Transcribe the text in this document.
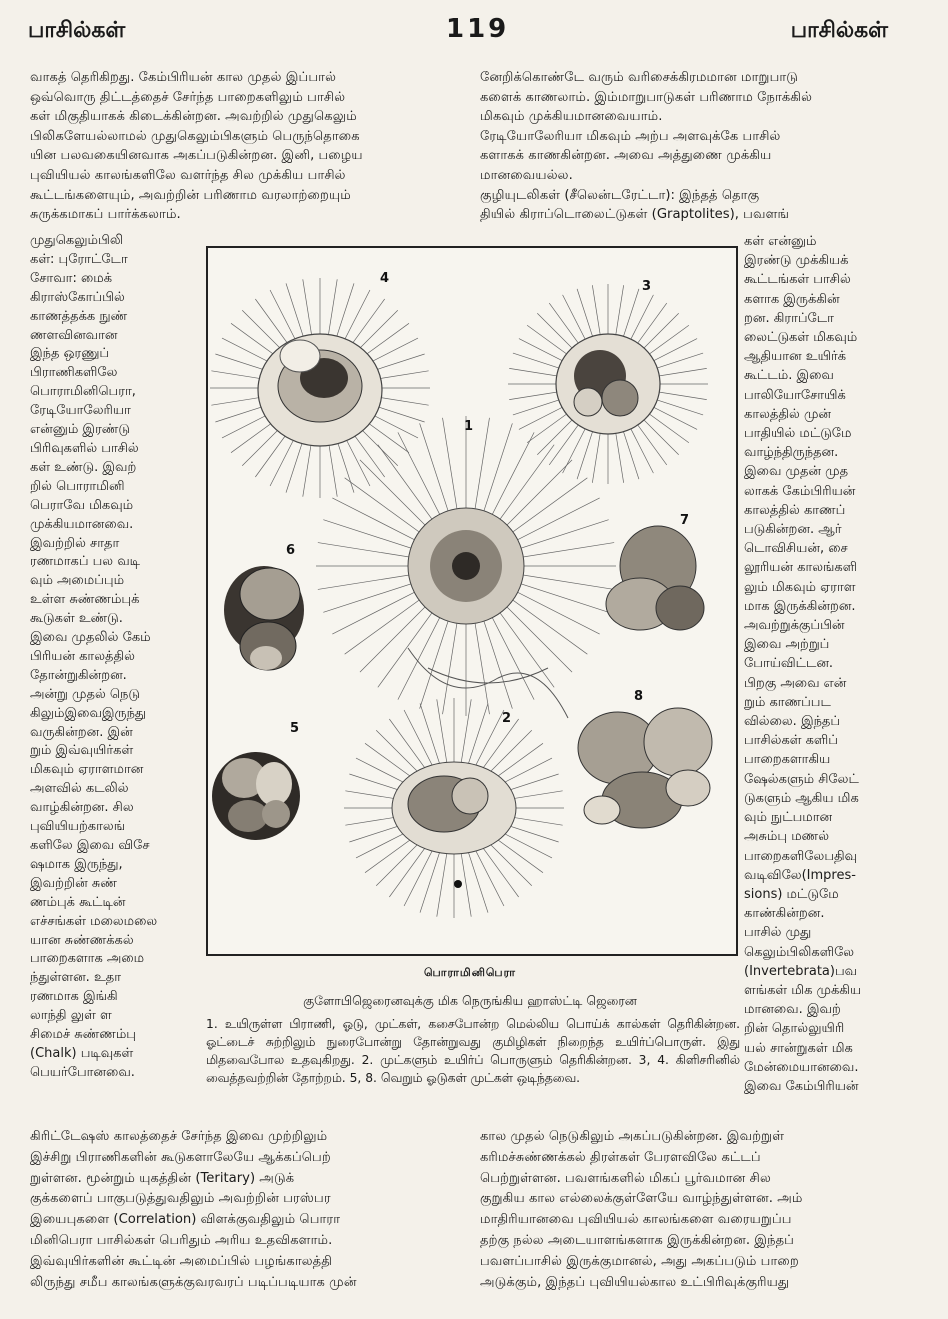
பாசில்கள்	119	பாசில்கள்
வாகத் தெரிகிறது. கேம்பிரியன் கால முதல் இப்பால்
ஒவ்வொரு திட்டத்தைச் சேர்ந்த பாறைகளிலும் பாசில்
கள் மிகுதியாகக் கிடைக்கின்றன. அவற்றில் முதுகெலும்
பிலிகளேயல்லாமல் முதுகெலும்பிகளும் பெருந்தொகை
யின பலவகையினவாக அகப்படுகின்றன. இனி, பழைய
புவியியல் காலங்களிலே வளர்ந்த சில முக்கிய பாசில்
கூட்டங்களையும், அவற்றின் பரிணாம வரலாற்றையும்
சுருக்கமாகப் பார்க்கலாம்.
னேறிக்கொண்டே வரும் வரிசைக்கிரமமான மாறுபாடு
களைக் காணலாம். இம்மாறுபாடுகள் பரிணாம நோக்கில்
மிகவும் முக்கியமானவையாம்.
ரேடியோலேரியா மிகவும் அற்ப அளவுக்கே பாசில்
களாகக் காணகின்றன. அவை அத்துணை முக்கிய
மானவையல்ல.
குழியுடலிகள் (சீலென்டரேட்டா): இந்தத் தொகு
தியில் கிராப்டொலைட்டுகள் (Graptolites), பவளங்
முதுகெலும்பிலி
கள்: புரோட்டோ
சோவா: மைக்
கிராஸ்கோப்பில்
காணத்தக்க நுண்
ணளவினவான
இந்த ஒரணுப்
பிராணிகளிலே
பொராமினிபெரா,
ரேடியோலேரியா
என்னும் இரண்டு
பிரிவுகளில் பாசில்
கள் உண்டு. இவற்
றில் பொராமினி
பெராவே மிகவும்
முக்கியமானவை.
இவற்றில் சாதா
ரணமாகப் பல வடி
வும் அமைப்பும்
உள்ள சுண்ணம்புக்
கூடுகள் உண்டு.
இவை முதலில் கேம்
பிரியன் காலத்தில்
தோன்றுகின்றன.
அன்று முதல் நெடு
கிலும்இவைஇருந்து
வருகின்றன. இன்
றும் இவ்வுயிர்கள்
மிகவும் ஏராளமான
அளவில் கடலில்
வாழ்கின்றன. சில
புவியியற்காலங்
களிலே இவை விசே
ஷமாக இருந்து,
இவற்றின் சுண்
ணம்புக் கூட்டின்
எச்சங்கள் மலைமலை
யான சுண்ணக்கல்
பாறைகளாக அமை
ந்துள்ளன. உதா
ரணமாக இங்கி
லாந்தி லுள் ள
சிமைச் சுண்ணம்பு
(Chalk) படிவுகள்
பெயர்போனவை.
கள் என்னும்
இரண்டு முக்கியக்
கூட்டங்கள் பாசில்
களாக இருக்கின்
றன. கிராப்டோ
லைட்டுகள் மிகவும்
ஆதியான உயிர்க்
கூட்டம். இவை
பாலியோசோயிக்
காலத்தில் முன்
பாதியில் மட்டுமே
வாழ்ந்திருந்தன.
இவை முதன் முத
லாகக் கேம்பிரியன்
காலத்தில் காணப்
படுகின்றன. ஆர்
டொவிசியன், சை
லூரியன் காலங்களி
லும் மிகவும் ஏராள
மாக இருக்கின்றன.
அவற்றுக்குப்பின்
இவை அற்றுப்
போய்விட்டன.
பிறகு அவை என்
றும் காணப்பட
வில்லை. இந்தப்
பாசில்கள் களிப்
பாறைகளாகிய
ஷேல்களும் சிலேட்
டுகளும் ஆகிய மிக
வும் நுட்பமான
அசும்பு மணல்
பாறைகளிலேபதிவு
வடிவிலே(Impres-
sions) மட்டுமே
காண்கின்றன.
பாசில் முது
கெலும்பிலிகளிலே
(Invertebrata)பவ
ளங்கள் மிக முக்கிய
மானவை. இவற்
றின் தொல்லுயிரி
யல் சான்றுகள் மிக
மேன்மையானவை.
இவை கேம்பிரியன்
4
3
1
6
7
8
2
5
பொராமினிபெரா
குளோபிஜெரைனவுக்கு மிக நெருங்கிய ஹாஸ்ட்டி ஜெரைன
1. உயிருள்ள பிராணி, ஓடு, முட்கள், கசைபோன்ற மெல்லிய பொய்க் கால்கள் தெரிகின்றன. ஓட்டைச் சுற்றிலும் நுரைபோன்று தோன்றுவது குமிழிகள் நிறைந்த உயிர்ப்பொருள். இது மிதவைபோல உதவுகிறது. 2. முட்களும் உயிர்ப் பொருளும் தெரிகின்றன. 3, 4. கிளிசரினில் வைத்தவற்றின் தோற்றம். 5, 8. வெறும் ஓடுகள் முட்கள் ஒடிந்தவை.
கிரிட்டேஷஸ் காலத்தைச் சேர்ந்த இவை முற்றிலும்
இச்சிறு பிராணிகளின் கூடுகளாலேயே ஆக்கப்பெற்
றுள்ளன. மூன்றும் யுகத்தின் (Teritary) அடுக்
குக்களைப் பாகுபடுத்துவதிலும் அவற்றின் பரஸ்பர
இயைபுகளை (Correlation) விளக்குவதிலும் பொரா
மினிபெரா பாசில்கள் பெரிதும் அரிய உதவிகளாம்.
இவ்வுயிர்களின் கூட்டின் அமைப்பில் பழங்காலத்தி
லிருந்து சமீப காலங்களுக்குவரவரப் படிப்படியாக முன்
கால முதல் நெடுகிலும் அகப்படுகின்றன. இவற்றுள்
கரிமச்சுண்ணக்கல் திரள்கள் பேரளவிலே கட்டப்
பெற்றுள்ளன. பவளங்களில் மிகப் பூர்வமான சில
குறுகிய கால எல்லைக்குள்ளேயே வாழ்ந்துள்ளன. அம்
மாதிரியானவை புவியியல் காலங்களை வரையறுப்ப
தற்கு நல்ல அடையாளங்களாக இருக்கின்றன. இந்தப்
பவளப்பாசில் இருக்குமானல், அது அகப்படும் பாறை
அடுக்கும், இந்தப் புவியியல்கால உட்பிரிவுக்குரியது
